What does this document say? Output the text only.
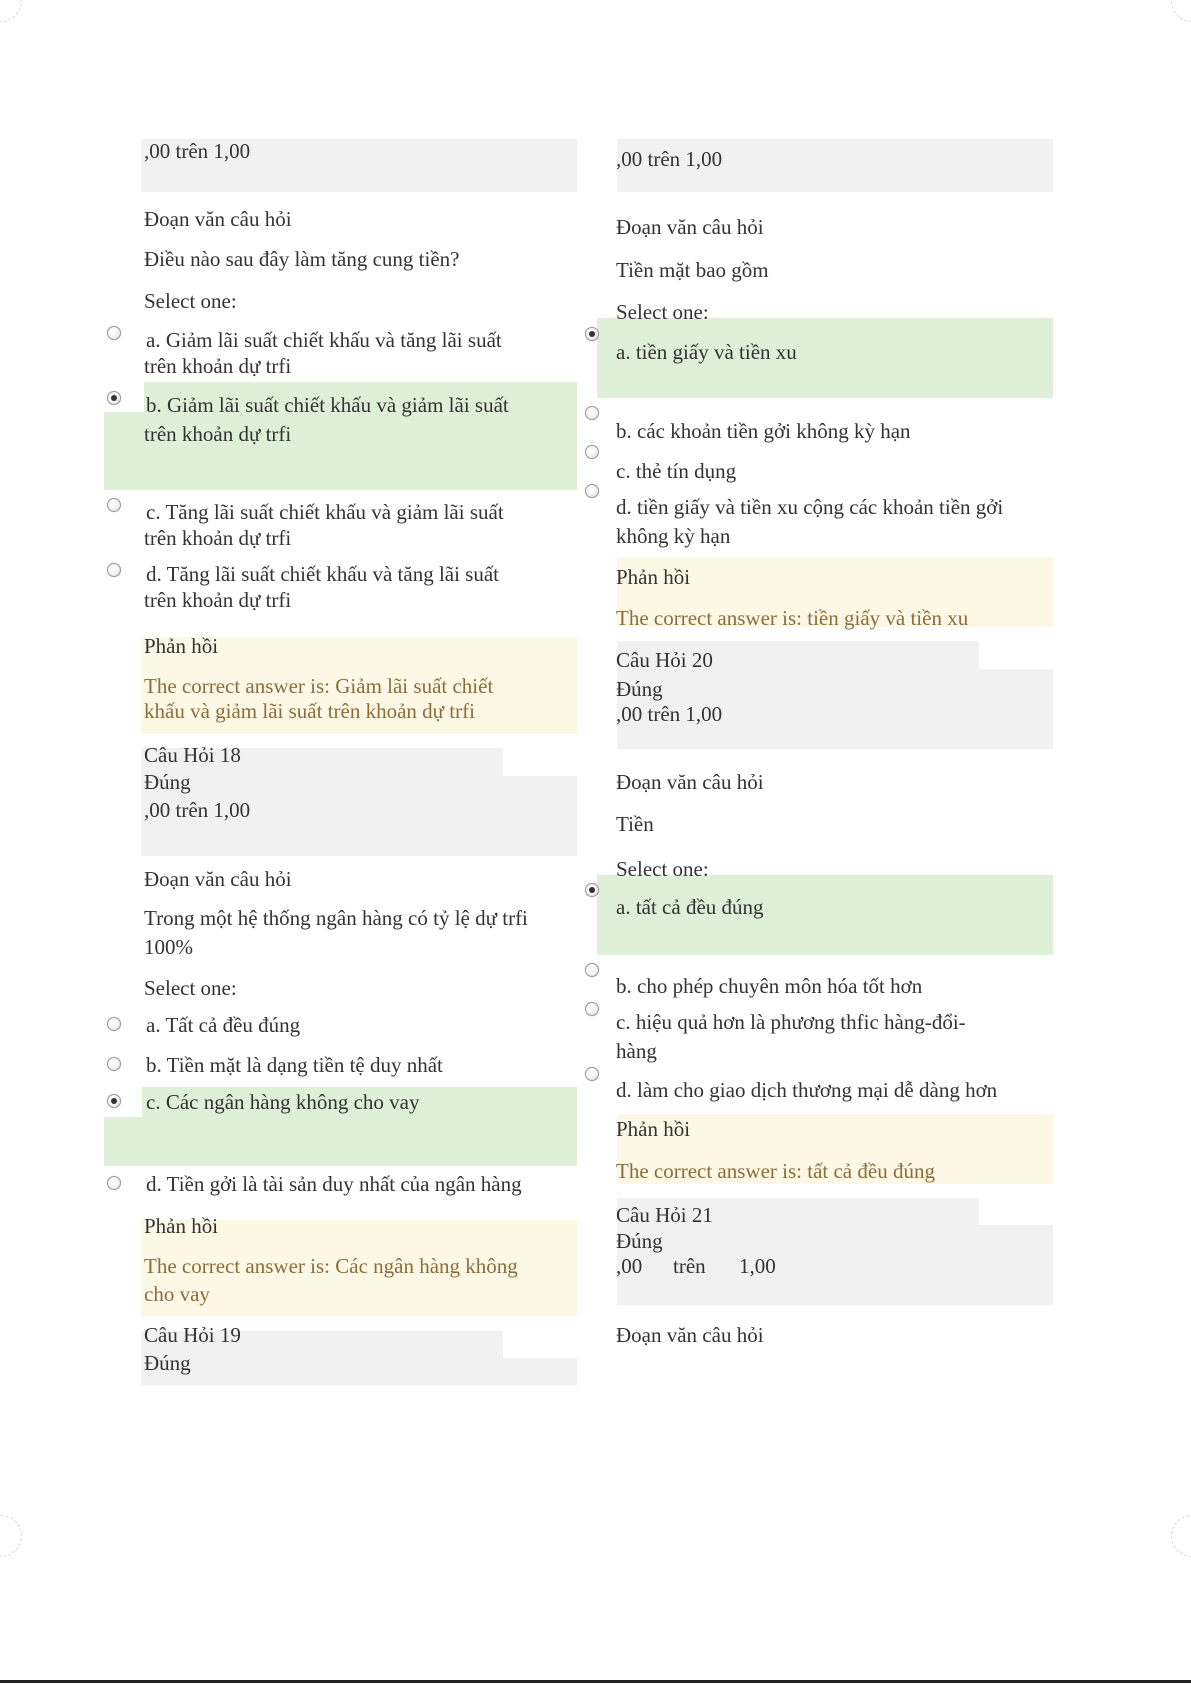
,00 trên 1,00
Đoạn văn câu hỏi
Điều nào sau đây làm tăng cung tiền?
Select one:
a. Giảm lãi suất chiết khấu và tăng lãi suất
trên khoản dự trfi
b. Giảm lãi suất chiết khấu và giảm lãi suất
trên khoản dự trfi
c. Tăng lãi suất chiết khấu và giảm lãi suất
trên khoản dự trfi
d. Tăng lãi suất chiết khấu và tăng lãi suất
trên khoản dự trfi
Phản hồi
The correct answer is: Giảm lãi suất chiết
khấu và giảm lãi suất trên khoản dự trfi
Câu Hỏi 18
Đúng
,00 trên 1,00
Đoạn văn câu hỏi
Trong một hệ thống ngân hàng có tỷ lệ dự trfi
100%
Select one:
a. Tất cả đều đúng
b. Tiền mặt là dạng tiền tệ duy nhất
c. Các ngân hàng không cho vay
d. Tiền gởi là tài sản duy nhất của ngân hàng
Phản hồi
The correct answer is: Các ngân hàng không
cho vay
Câu Hỏi 19
Đúng
,00 trên 1,00
Đoạn văn câu hỏi
Tiền mặt bao gồm
Select one:
a. tiền giấy và tiền xu
b. các khoản tiền gởi không kỳ hạn
c. thẻ tín dụng
d. tiền giấy và tiền xu cộng các khoản tiền gởi
không kỳ hạn
Phản hồi
The correct answer is: tiền giấy và tiền xu
Câu Hỏi 20
Đúng
,00 trên 1,00
Đoạn văn câu hỏi
Tiền
Select one:
a. tất cả đều đúng
b. cho phép chuyên môn hóa tốt hơn
c. hiệu quả hơn là phương thfic hàng-đổi-
hàng
d. làm cho giao dịch thương mại dễ dàng hơn
Phản hồi
The correct answer is: tất cả đều đúng
Câu Hỏi 21
Đúng
,00 trên 1,00
Đoạn văn câu hỏi
